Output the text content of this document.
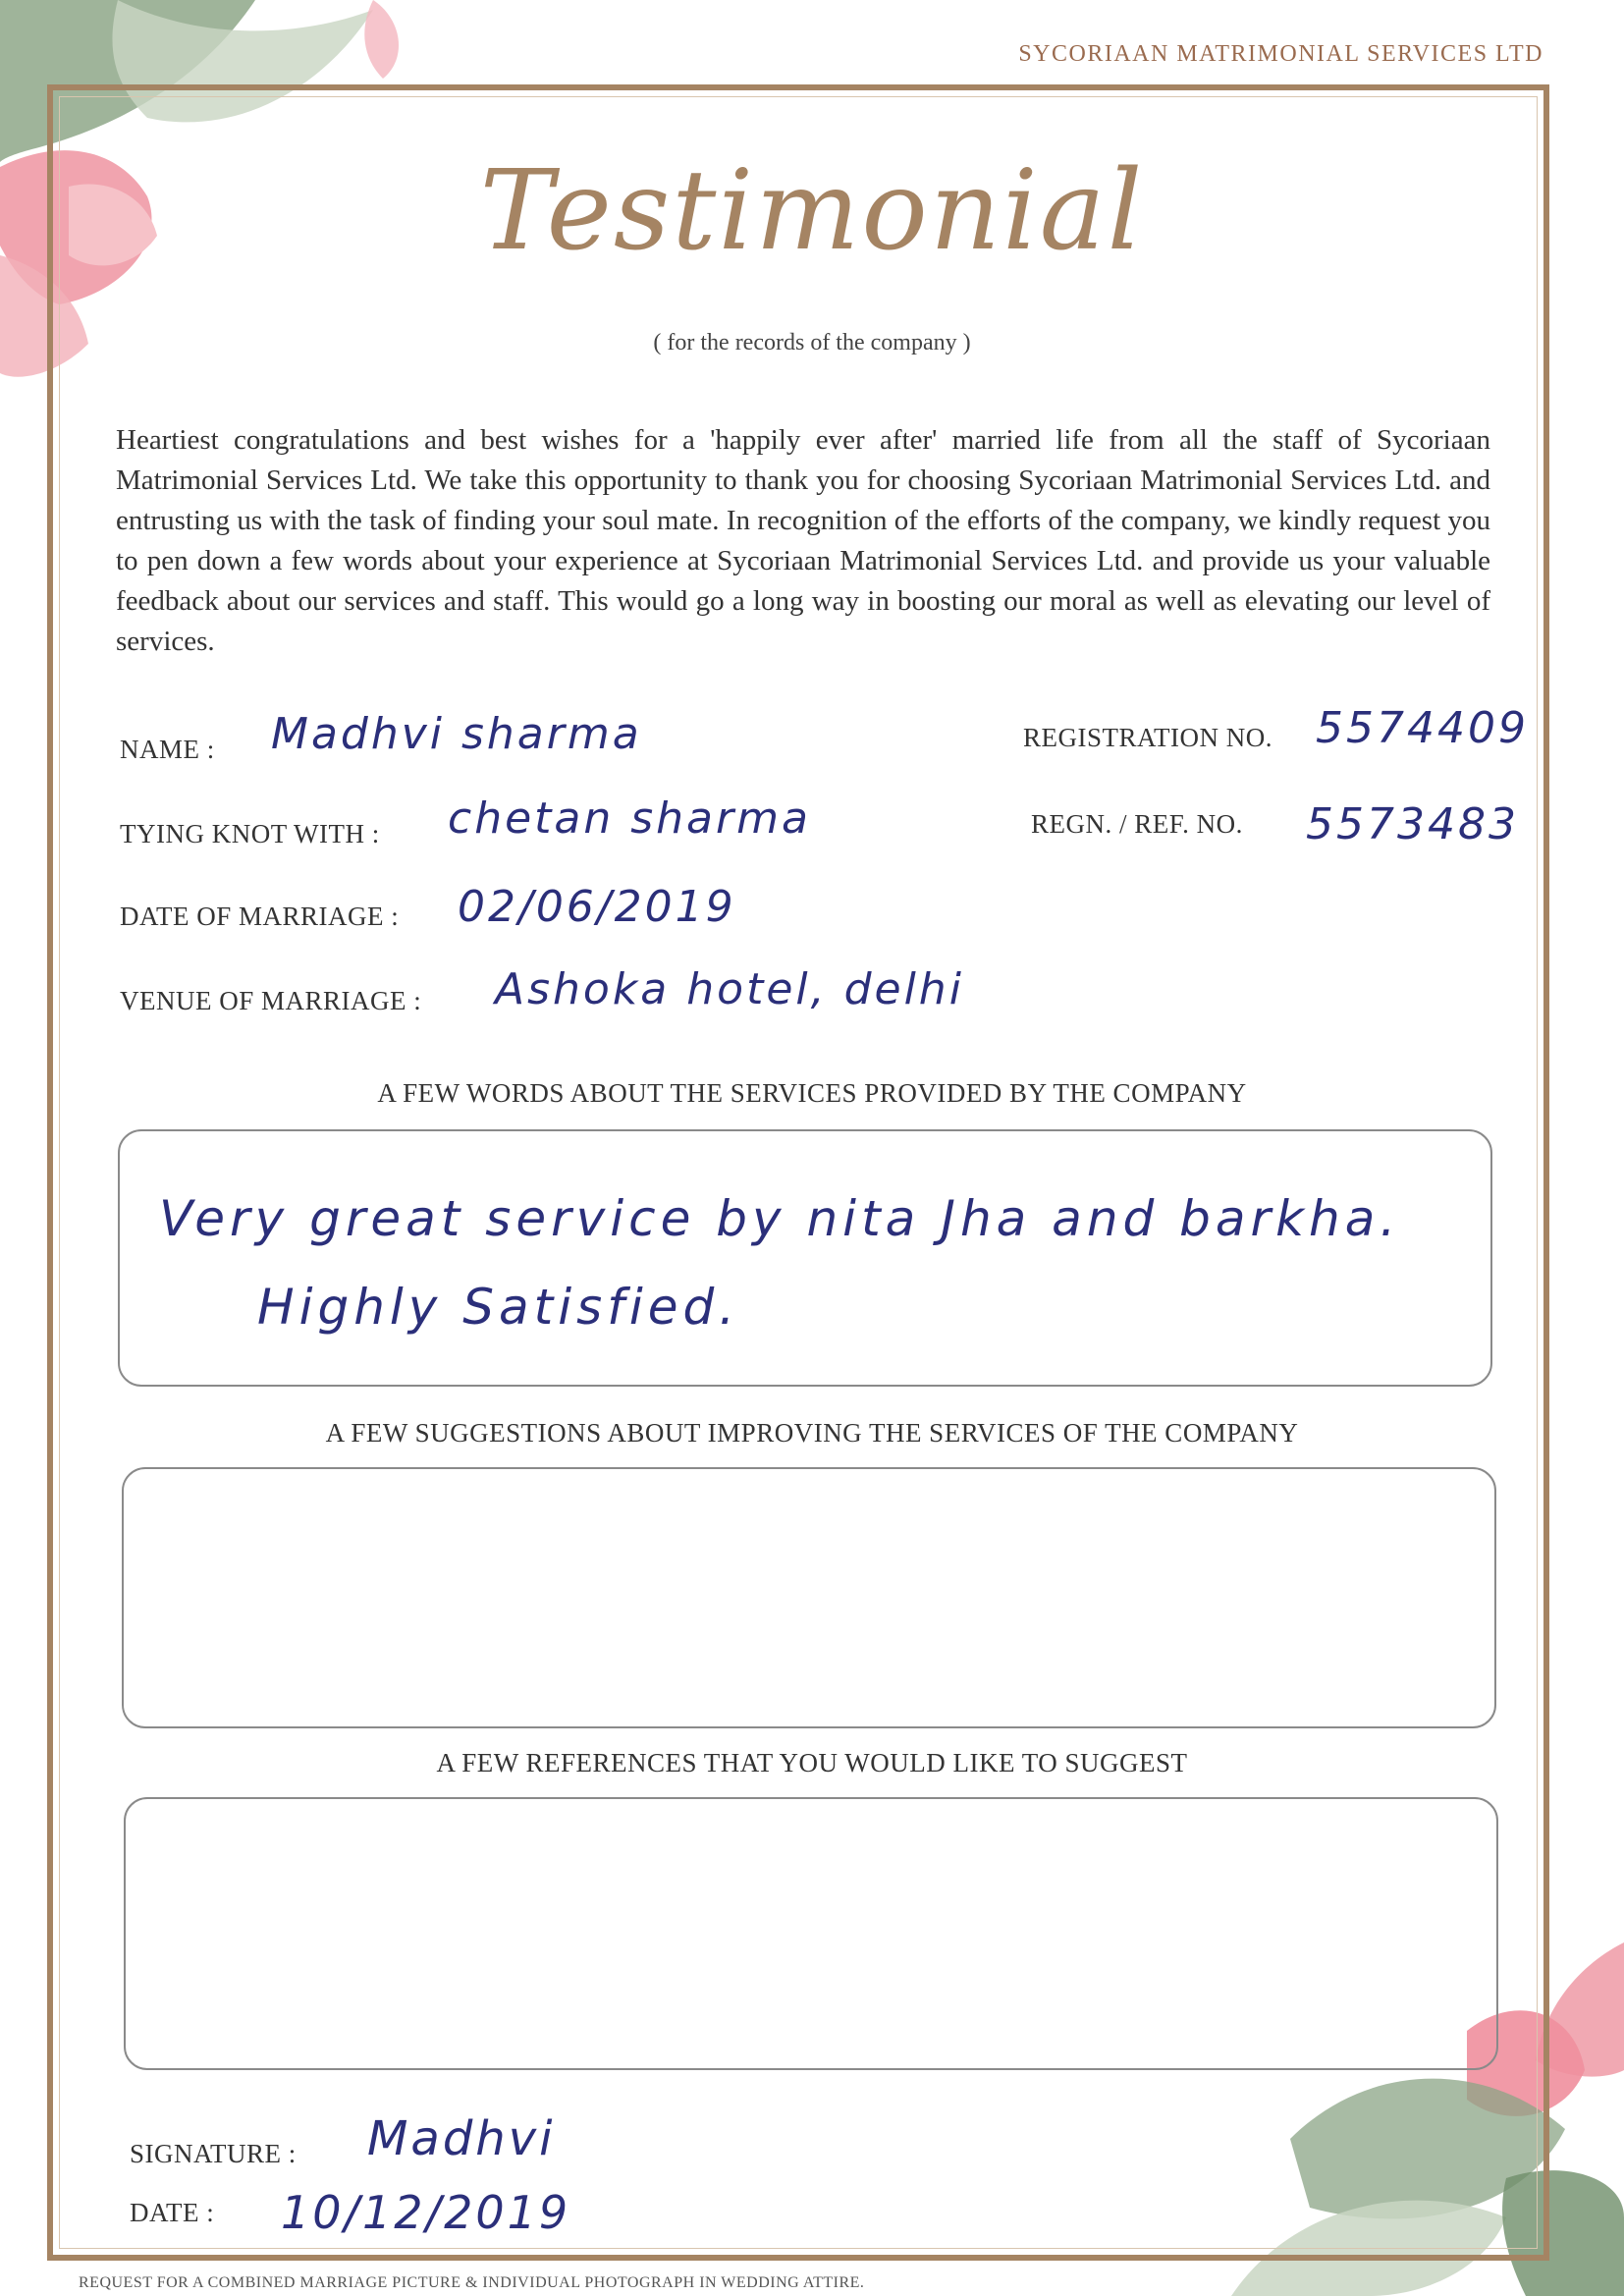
SYCORIAAN MATRIMONIAL SERVICES LTD
Testimonial
( for the records of the company )
Heartiest congratulations and best wishes for a 'happily ever after' married life from all the staff of Sycoriaan Matrimonial Services Ltd. We take this opportunity to thank you for choosing Sycoriaan Matrimonial Services Ltd. and entrusting us with the task of finding your soul mate. In recognition of the efforts of the company, we kindly request you to pen down a few words about your experience at Sycoriaan Matrimonial Services Ltd. and provide us your valuable feedback about our services and staff. This would go a long way in boosting our moral as well as elevating our level of services.
NAME : Madhvi sharma	REGISTRATION NO. 5574409
TYING KNOT WITH : chetan sharma	REGN. / REF. NO. 5573483
DATE OF MARRIAGE : 02/06/2019
VENUE OF MARRIAGE : Ashoka hotel, delhi
A FEW WORDS ABOUT THE SERVICES PROVIDED BY THE COMPANY
Very great service by nita Jha and barkha.
Highly Satisfied.
A FEW SUGGESTIONS ABOUT IMPROVING THE SERVICES OF THE COMPANY
A FEW REFERENCES THAT YOU WOULD LIKE TO SUGGEST
SIGNATURE : Madhvi
DATE : 10/12/2019
REQUEST FOR A COMBINED MARRIAGE PICTURE & INDIVIDUAL PHOTOGRAPH IN WEDDING ATTIRE.
